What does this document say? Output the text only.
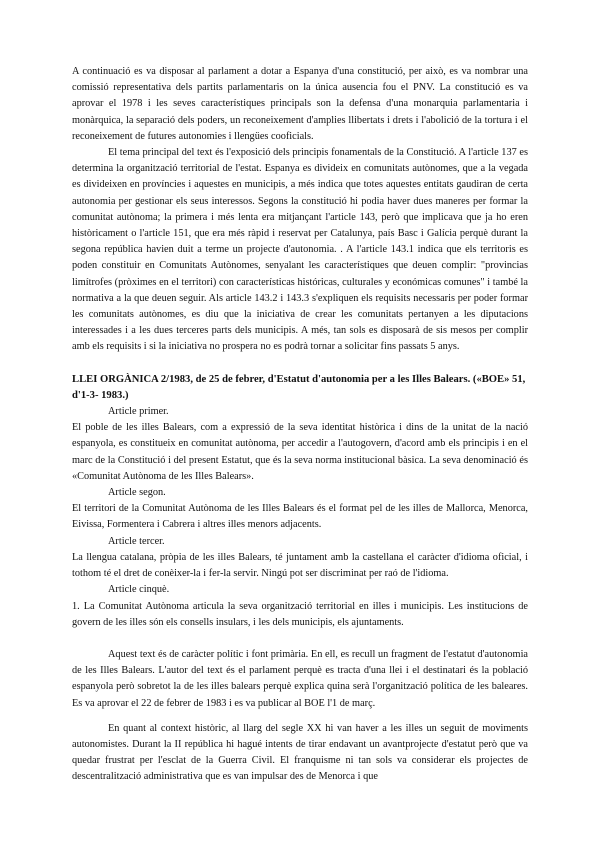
A continuació es va disposar al parlament a dotar a Espanya d'una constitució, per això, es va nombrar una comissió representativa dels partits parlamentaris on la única ausencia fou el PNV. La constitució es va aprovar el 1978 i les seves característiques principals son la defensa d'una monarquia parlamentaria i monàrquica, la separació dels poders, un reconeixement d'amplies llibertats i drets i l'abolició de la tortura i el reconeixement de futures autonomies i llengües cooficials.

El tema principal del text és l'exposició dels principis fonamentals de la Constitució. A l'article 137 es determina la organització territorial de l'estat. Espanya es divideix en comunitats autònomes, que a la vegada es divideixen en províncies i aquestes en municipis, a més indica que totes aquestes entitats gaudiran de certa autonomia per gestionar els seus interessos. Segons la constitució hi podia haver dues maneres per formar la comunitat autònoma; la primera i més lenta era mitjançant l'article 143, però que implicava que ja ho eren històricament o l'article 151, que era més ràpid i reservat per Catalunya, país Basc i Galícia perquè durant la segona república havien duit a terme un projecte d'autonomia. . A l'article 143.1 indica que els territoris es poden constituir en Comunitats Autònomes, senyalant les característiques que deuen complir: "provincias limítrofes (pròximes en el territori) con características históricas, culturales y económicas comunes" i també la normativa a la que deuen seguir. Als article 143.2 i 143.3 s'expliquen els requisits necessaris per poder formar les comunitats autònomes, es diu que la iniciativa de crear les comunitats pertanyen a les diputacions interessades i a les dues terceres parts dels municipis. A més, tan sols es disposarà de sis mesos per complir amb els requisits i si la iniciativa no prospera no es podrà tornar a solicitar fins passats 5 anys.

LLEI ORGÀNICA 2/1983, de 25 de febrer, d'Estatut d'autonomia per a les Illes Balears. («BOE» 51, d'1-3- 1983.)

Article primer.

El poble de les illes Balears, com a expressió de la seva identitat històrica i dins de la unitat de la nació espanyola, es constitueix en comunitat autònoma, per accedir a l'autogovern, d'acord amb els principis i en el marc de la Constitució i del present Estatut, que és la seva norma institucional bàsica. La seva denominació és «Comunitat Autònoma de les Illes Balears».

Article segon.

El territori de la Comunitat Autònoma de les Illes Balears és el format pel de les illes de Mallorca, Menorca, Eivissa, Formentera i Cabrera i altres illes menors adjacents.

Article tercer.

La llengua catalana, pròpia de les illes Balears, té juntament amb la castellana el caràcter d'idioma oficial, i tothom té el dret de conèixer-la i fer-la servir. Ningú pot ser discriminat per raó de l'idioma.

Article cinquè.

1. La Comunitat Autònoma articula la seva organització territorial en illes i municipis. Les institucions de govern de les illes són els consells insulars, i les dels municipis, els ajuntaments.

Aquest text és de caràcter polític i font primària. En ell, es recull un fragment de l'estatut d'autonomia de les Illes Balears. L'autor del text és el parlament perquè es tracta d'una llei i el destinatari és la població espanyola però sobretot la de les illes balears perquè explica quina serà l'organització política de les baleares. Es va aprovar el 22 de febrer de 1983 i es va publicar al BOE l'1 de març.

En quant al context històric, al llarg del segle XX hi van haver a les illes un seguit de moviments autonomistes. Durant la II república hi hagué intents de tirar endavant un avantprojecte d'estatut però que va quedar frustrat per l'esclat de la Guerra Civil. El franquisme ni tan sols va considerar els projectes de descentralització administrativa que es van impulsar des de Menorca i que
